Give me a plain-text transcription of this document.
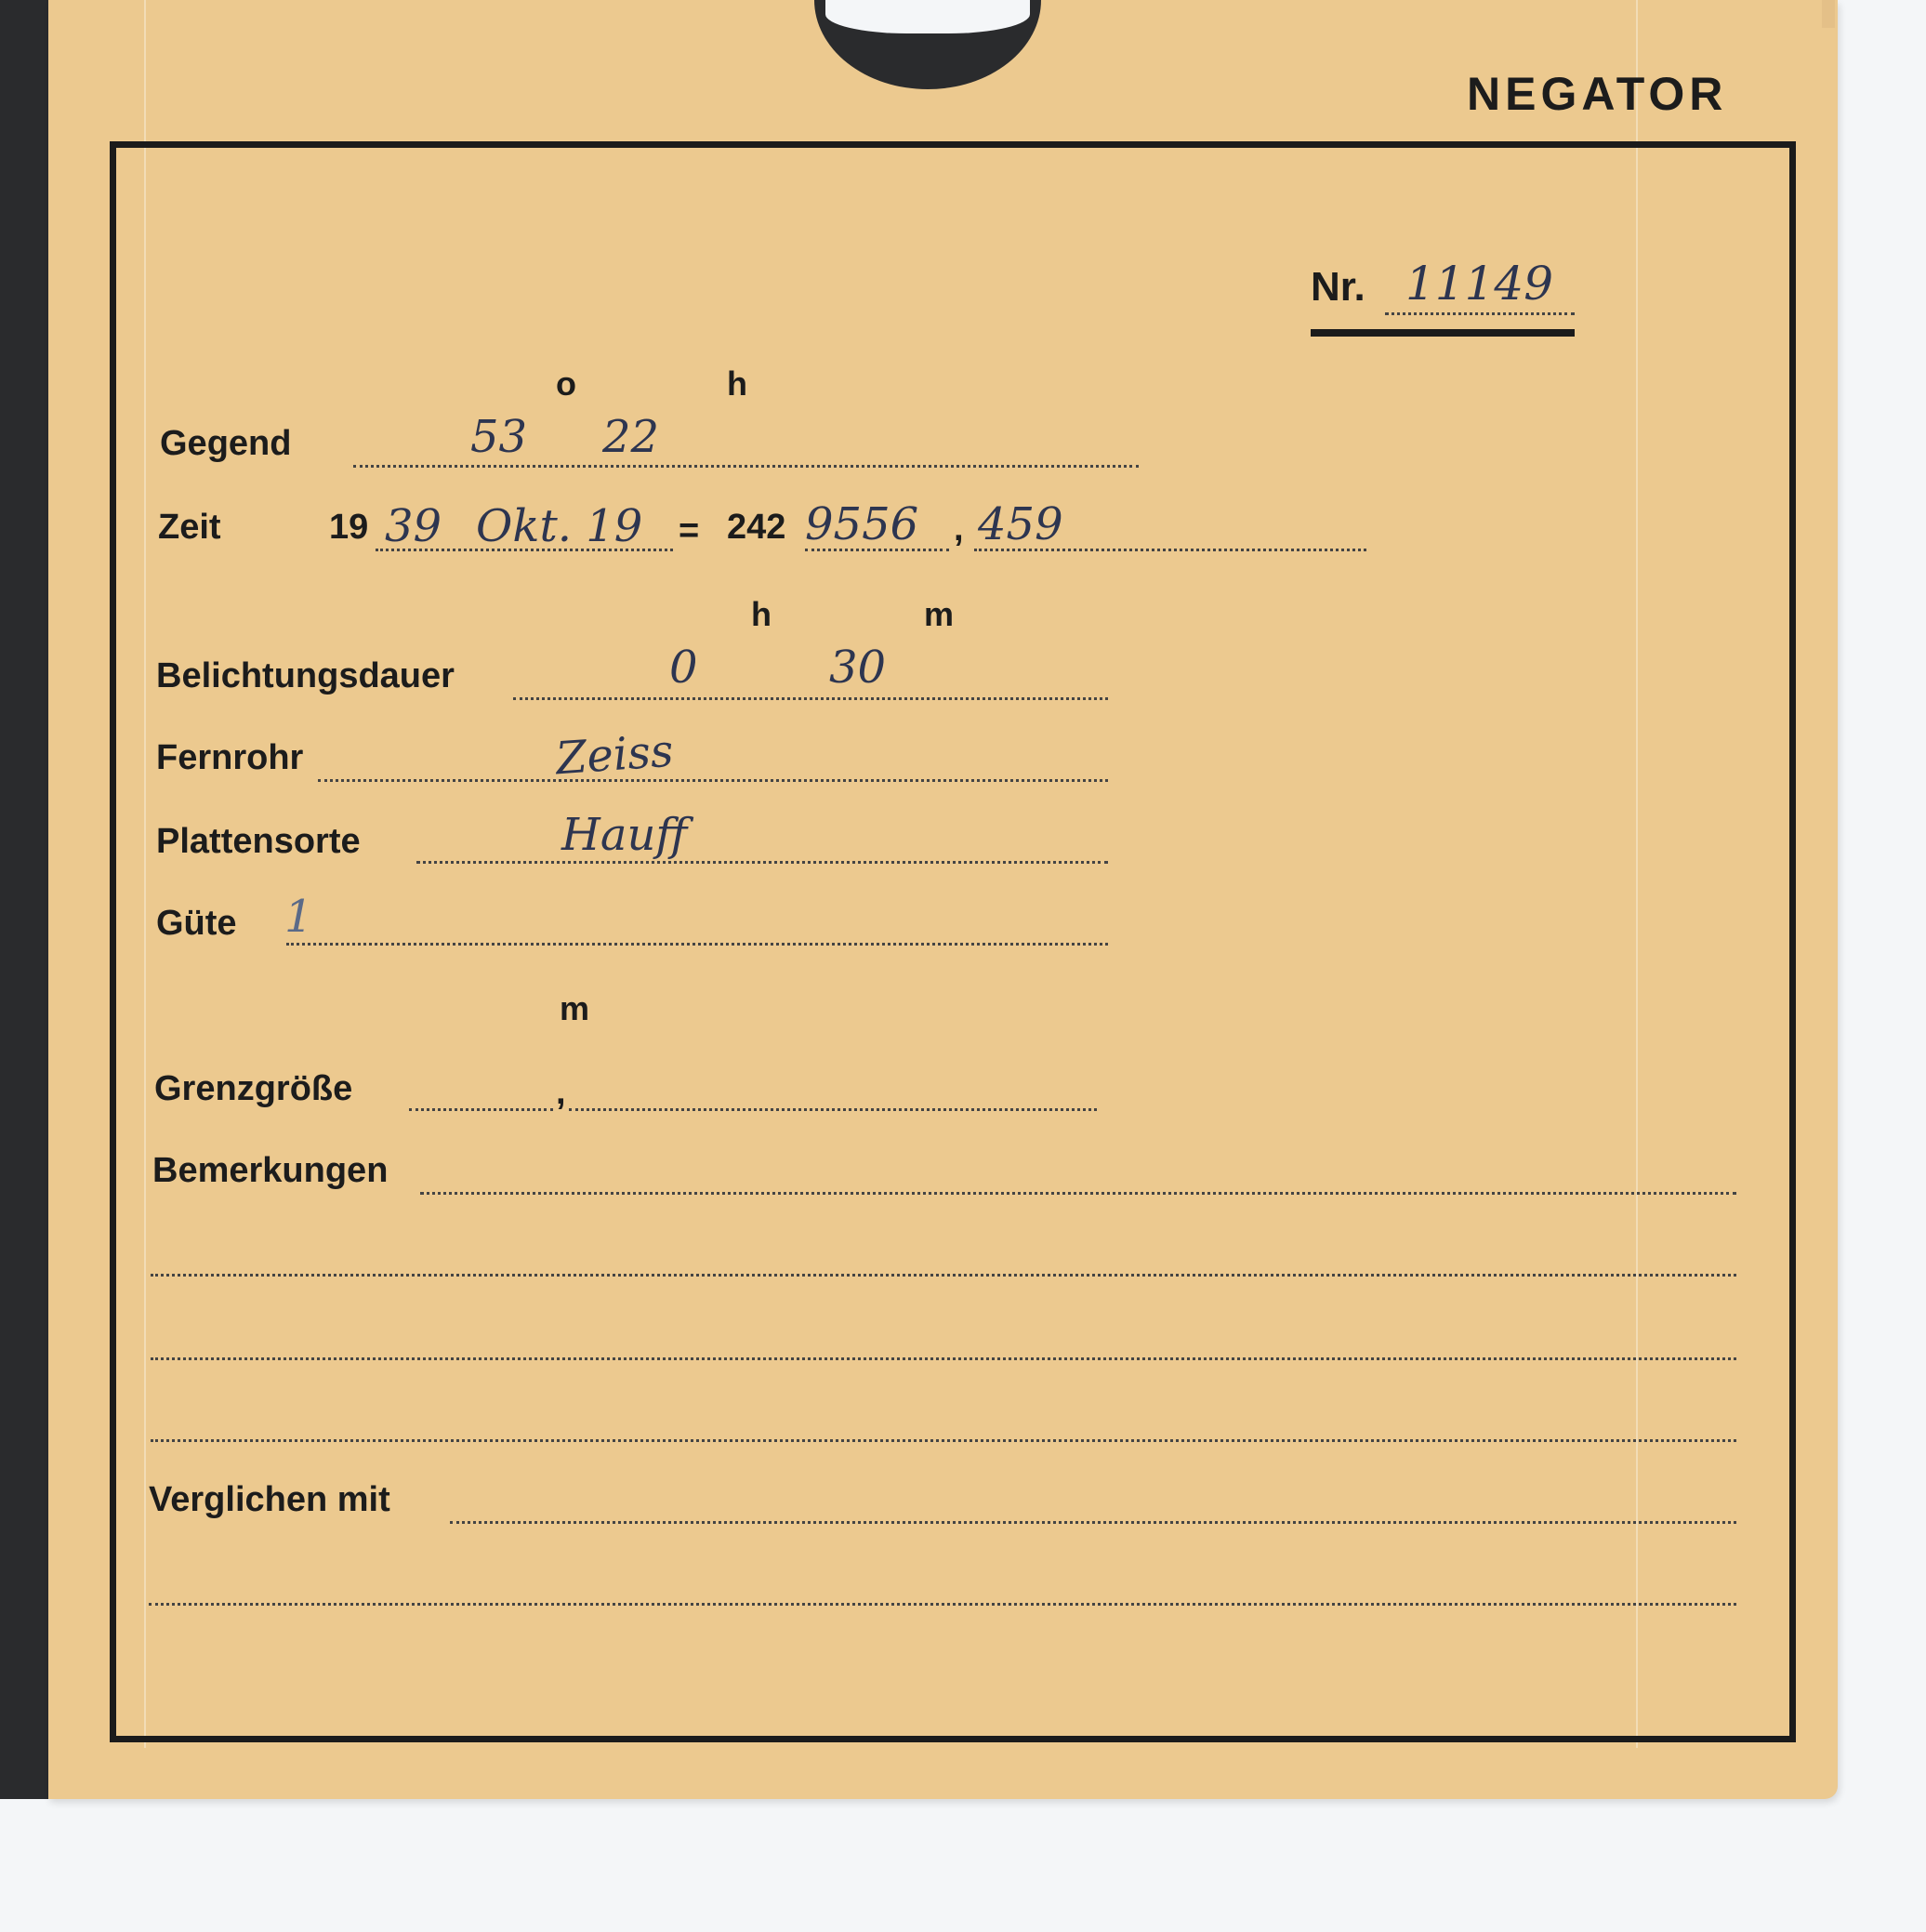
NEGATOR
Nr. 11149
o	h
Gegend	53 22
Zeit	19 39 Okt. 19 = 242 9556 , 459
h	m
Belichtungsdauer	0	30
Fernrohr	Zeiss
Plattensorte	Hauff
Güte 1
m
Grenzgröße	,
Bemerkungen
Verglichen mit
